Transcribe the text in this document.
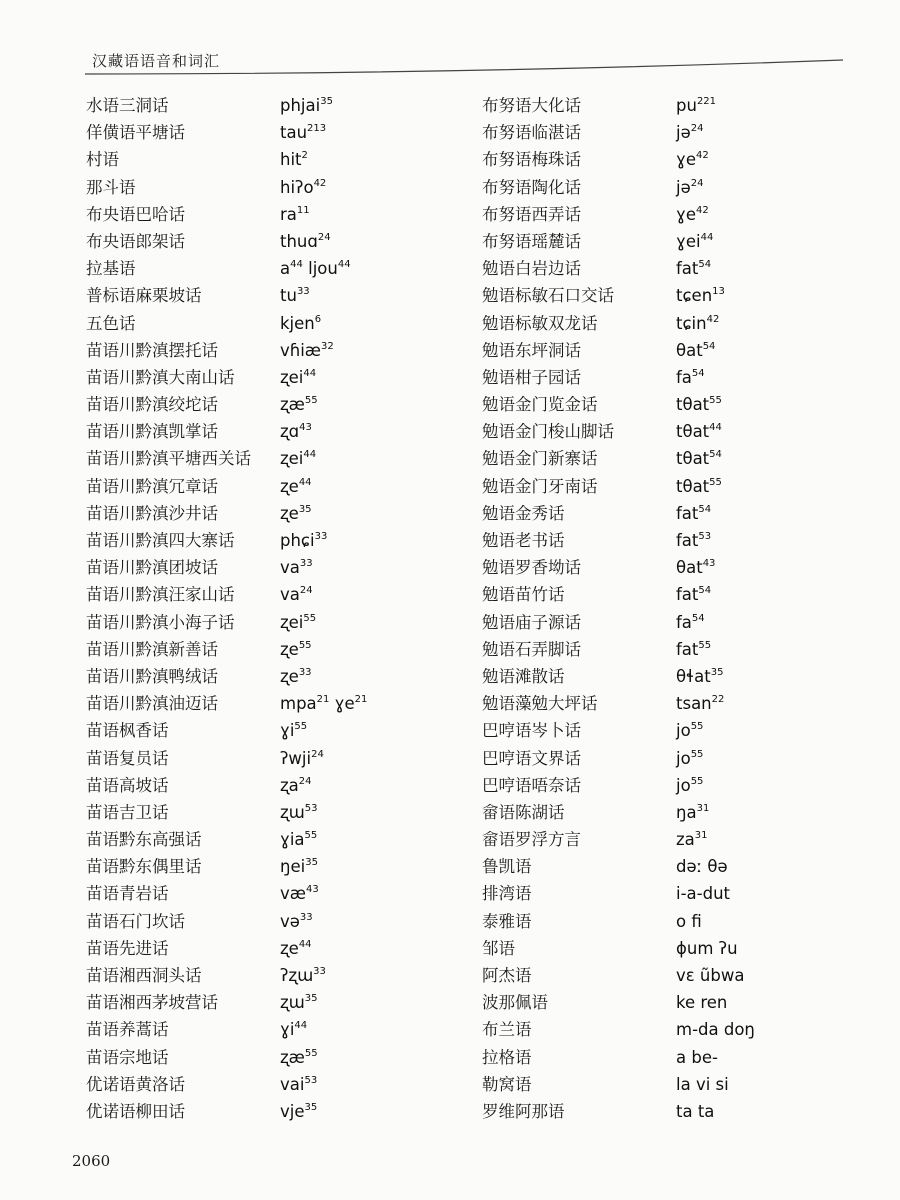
汉藏语语音和词汇
水语三洞话	phjai$^{35}$
佯僙语平塘话	tau$^{213}$
村语	hit$^2$
那斗语	hiʔo$^{42}$
布央语巴哈话	$ra^{11}$
布央语郎架话	thuɑ$^{24}$
拉基语	$a^{44}$ ljou$^{44}$
普标语麻栗坡话	$tu^{33}$
五色话	kjen$^6$
苗语川黔滇摆托话	vɦiæ$^{32}$
苗语川黔滇大南山话	ʐei$^{44}$
苗语川黔滇绞坨话	ʐæ$^{55}$
苗语川黔滇凯掌话	ʐɑ$^{43}$
苗语川黔滇平塘西关话 ʐei$^{44}$
苗语川黔滇冗章话	ʐe$^{44}$
苗语川黔滇沙井话	ʐe$^{35}$
苗语川黔滇四大寨话	phɕi$^{33}$
苗语川黔滇团坡话	$va^{33}$
苗语川黔滇汪家山话	$va^{24}$
苗语川黔滇小海子话	ʐei$^{55}$
苗语川黔滇新善话	ʐe$^{55}$
苗语川黔滇鸭绒话	ʐe$^{33}$
苗语川黔滇油迈话	mpa$^{21}$ ɣe$^{21}$
苗语枫香话	ɣi$^{55}$
苗语复员话	ʔwji$^{24}$
苗语高坡话	ʐa$^{24}$
苗语吉卫话	ʐɯ$^{53}$
苗语黔东高强话	ɣia$^{55}$
苗语黔东偶里话	ŋei$^{35}$
苗语青岩话	$væ^{43}$
苗语石门坎话	və$^{33}$
苗语先进话	ʐe$^{44}$
苗语湘西洞头话	ʔʐɯ$^{33}$
苗语湘西茅坡营话	ʐɯ$^{35}$
苗语养蒿话	ɣi$^{44}$
苗语宗地话	ʐæ$^{55}$
优诺语黄洛话	vai$^{53}$
优诺语柳田话	vje$^{35}$
布努语大化话	$pu^{221}$
布努语临湛话	jə$^{24}$
布努语梅珠话	ɣe$^{42}$
布努语陶化话	jə$^{24}$
布努语西弄话	ɣe$^{42}$
布努语瑶麓话	ɣei$^{44}$
勉语白岩边话	fat$^{54}$
勉语标敏石口交话	tɕen$^{13}$
勉语标敏双龙话	tɕin$^{42}$
勉语东坪洞话	θat$^{54}$
勉语柑子园话	$fa^{54}$
勉语金门览金话	tθat$^{55}$
勉语金门梭山脚话	tθat$^{44}$
勉语金门新寨话	tθat$^{54}$
勉语金门牙南话	tθat$^{55}$
勉语金秀话	fat$^{54}$
勉语老书话	fat$^{53}$
勉语罗香坳话	θat$^{43}$
勉语苗竹话	fat$^{54}$
勉语庙子源话	$fa^{54}$
勉语石弄脚话	fat$^{55}$
勉语滩散话	θɬat$^{35}$
勉语藻勉大坪话	tsan$^{22}$
巴哼语岑卜话	$jo^{55}$
巴哼语文界话	$jo^{55}$
巴哼语唔奈话	$jo^{55}$
畲语陈湖话	$ŋa^{31}$
畲语罗浮方言	$za^{31}$
鲁凯语	dəː θə
排湾语	i-a-dut
泰雅语	o fi
邹语	ɸum ʔu
阿杰语	vɛ ũbwa
波那佩语	ke ren
布兰语	m-da doŋ
拉格语	a be-
勒窝语	la vi si
罗维阿那语	ta ta
2060
